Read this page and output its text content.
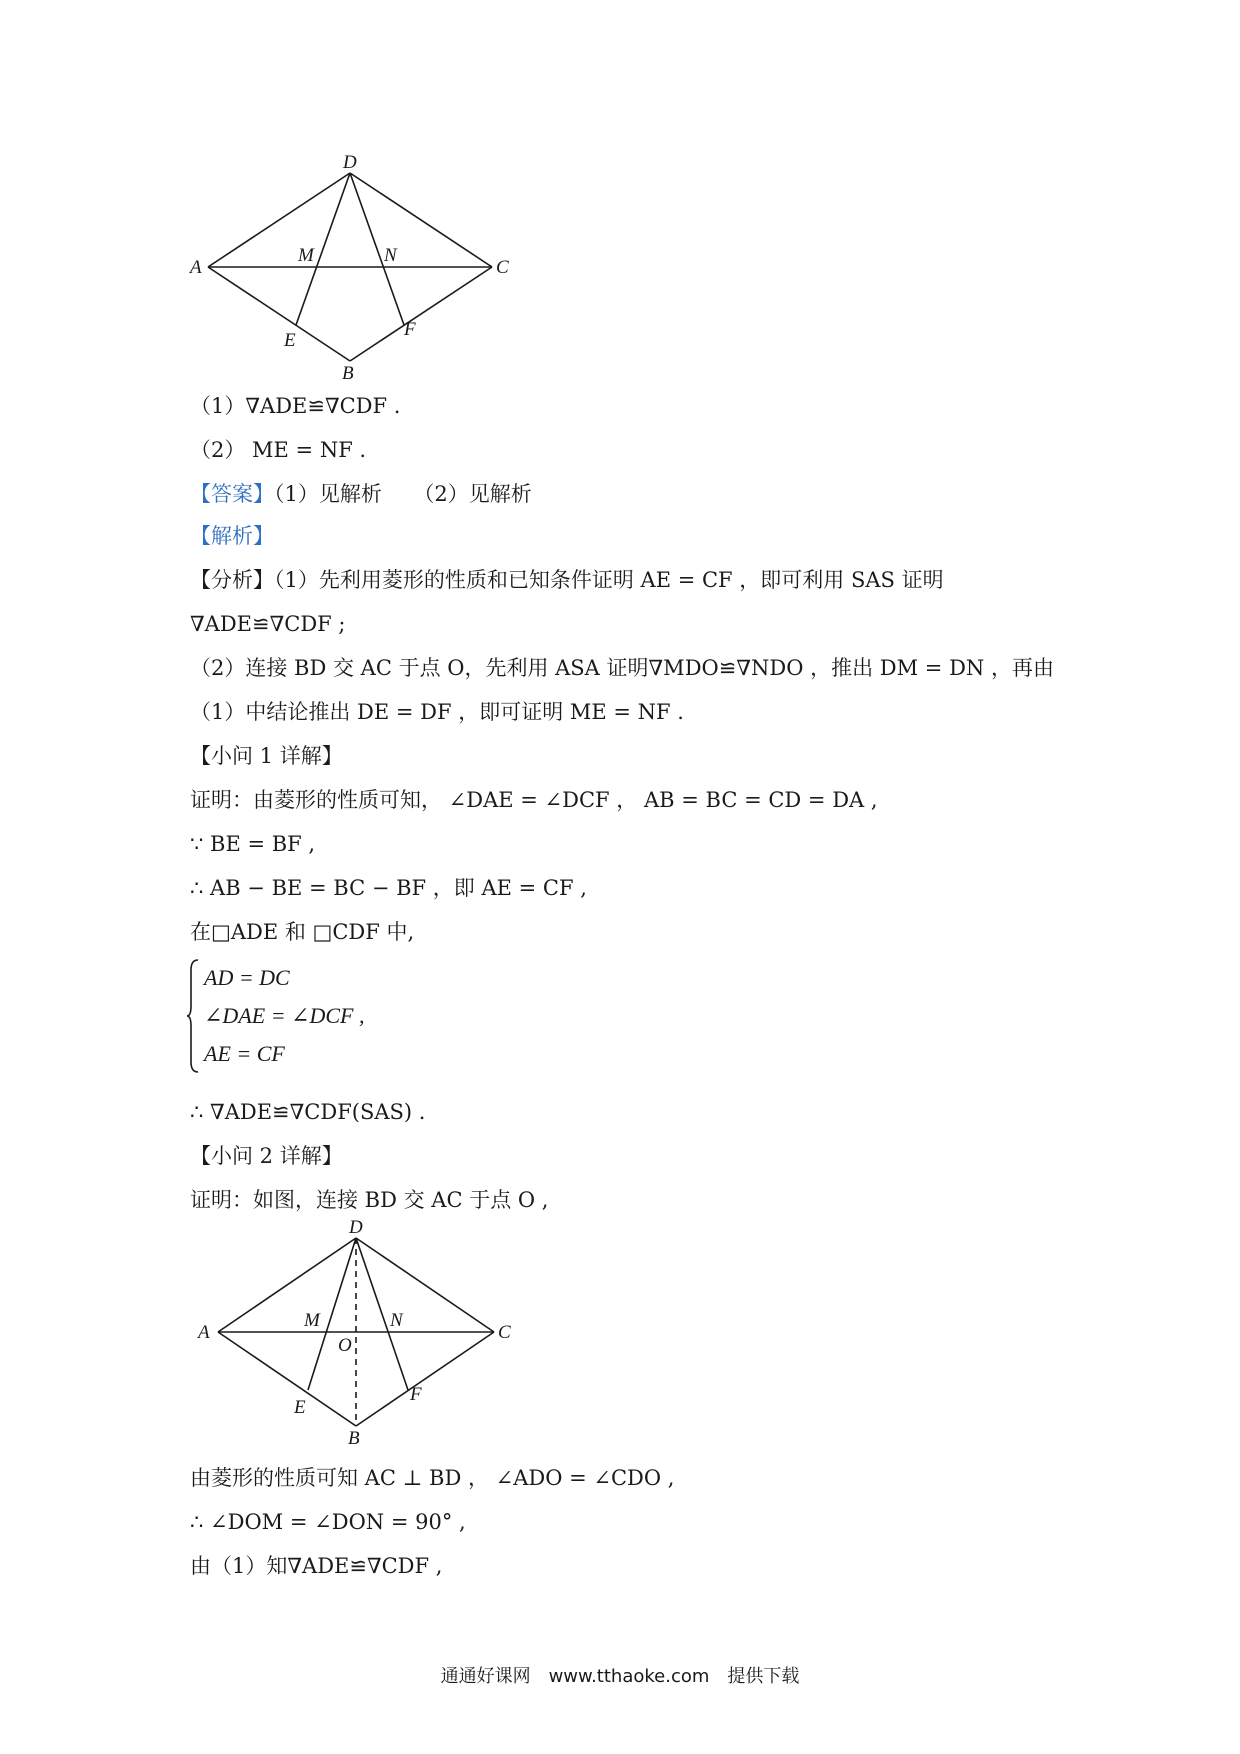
D
A	C
M	N
E
F
B
（1）∇ADE≌∇CDF .
（2） ME = NF .
【答案】（1）见解析　　（2）见解析
【解析】
【分析】（1）先利用菱形的性质和已知条件证明 AE = CF ，即可利用 SAS 证明
∇ADE≌∇CDF ;
（2）连接 BD 交 AC 于点 O，先利用 ASA 证明∇MDO≌∇NDO ，推出 DM = DN ，再由
（1）中结论推出 DE = DF ，即可证明 ME = NF .
【小问 1 详解】
证明：由菱形的性质可知， ∠DAE = ∠DCF ， AB = BC = CD = DA ,
∵ BE = BF ,
∴ AB − BE = BC − BF ，即 AE = CF ,
在□ADE 和 □CDF 中,
AD = DC
∠DAE = ∠DCF ,
AE = CF
∴ ∇ADE≌∇CDF(SAS) .
【小问 2 详解】
证明：如图，连接 BD 交 AC 于点 O ,
D
A	C
M	N
O
E
F
B
由菱形的性质可知 AC ⊥ BD ， ∠ADO = ∠CDO ,
∴ ∠DOM = ∠DON = 90° ,
由（1）知∇ADE≌∇CDF ,
通通好课网　www.tthaoke.com　提供下载
